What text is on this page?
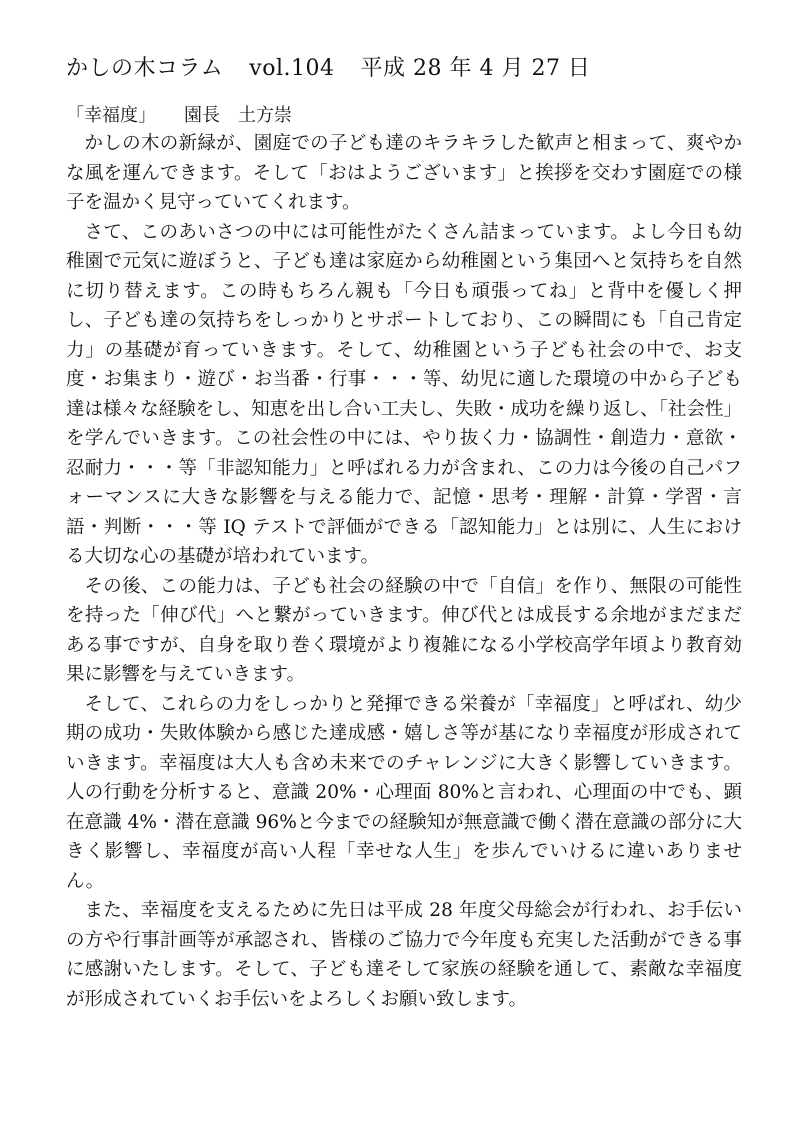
かしの木コラム vol.104 平成 28 年 4 月 27 日
「幸福度」 園長 土方崇

かしの木の新緑が、園庭での子ども達のキラキラした歓声と相まって、爽やかな風を運んできます。そして「おはようございます」と挨拶を交わす園庭での様子を温かく見守っていてくれます。

さて、このあいさつの中には可能性がたくさん詰まっています。よし今日も幼稚園で元気に遊ぼうと、子ども達は家庭から幼稚園という集団へと気持ちを自然に切り替えます。この時もちろん親も「今日も頑張ってね」と背中を優しく押し、子ども達の気持ちをしっかりとサポートしており、この瞬間にも「自己肯定力」の基礎が育っていきます。そして、幼稚園という子ども社会の中で、お支度・お集まり・遊び・お当番・行事・・・等、幼児に適した環境の中から子ども達は様々な経験をし、知恵を出し合い工夫し、失敗・成功を繰り返し、「社会性」を学んでいきます。この社会性の中には、やり抜く力・協調性・創造力・意欲・忍耐力・・・等「非認知能力」と呼ばれる力が含まれ、この力は今後の自己パフォーマンスに大きな影響を与える能力で、記憶・思考・理解・計算・学習・言語・判断・・・等 IQ テストで評価ができる「認知能力」とは別に、人生における大切な心の基礎が培われています。

その後、この能力は、子ども社会の経験の中で「自信」を作り、無限の可能性を持った「伸び代」へと繋がっていきます。伸び代とは成長する余地がまだまだある事ですが、自身を取り巻く環境がより複雑になる小学校高学年頃より教育効果に影響を与えていきます。

そして、これらの力をしっかりと発揮できる栄養が「幸福度」と呼ばれ、幼少期の成功・失敗体験から感じた達成感・嬉しさ等が基になり幸福度が形成されていきます。幸福度は大人も含め未来でのチャレンジに大きく影響していきます。人の行動を分析すると、意識 20%・心理面 80%と言われ、心理面の中でも、顕在意識 4%・潜在意識 96%と今までの経験知が無意識で働く潜在意識の部分に大きく影響し、幸福度が高い人程「幸せな人生」を歩んでいけるに違いありません。

また、幸福度を支えるために先日は平成 28 年度父母総会が行われ、お手伝いの方や行事計画等が承認され、皆様のご協力で今年度も充実した活動ができる事に感謝いたします。そして、子ども達そして家族の経験を通して、素敵な幸福度が形成されていくお手伝いをよろしくお願い致します。
